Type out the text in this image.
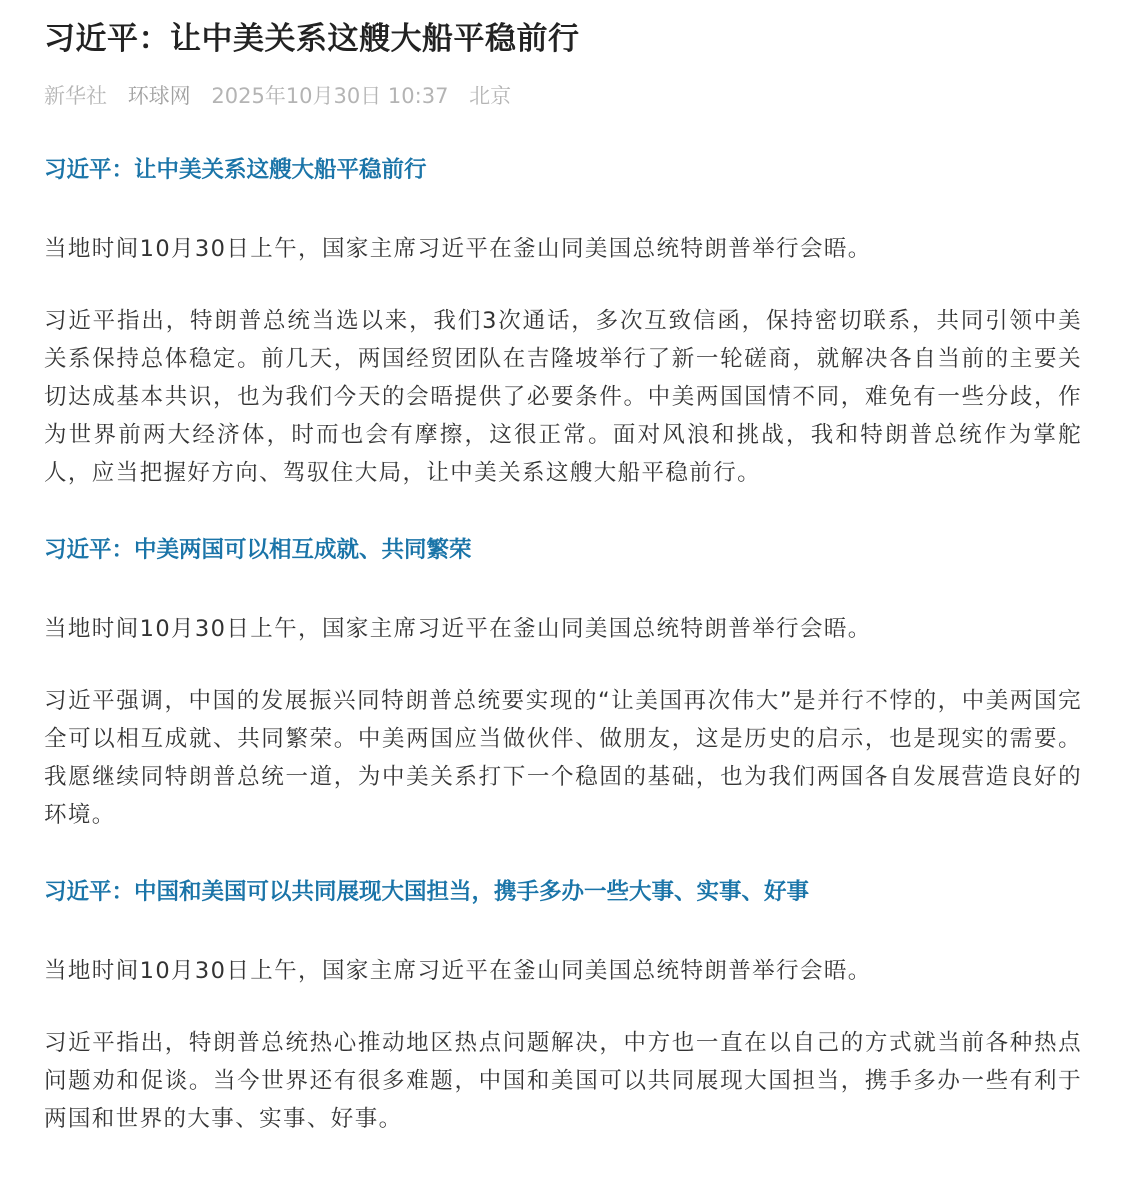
习近平：让中美关系这艘大船平稳前行
新华社 环球网 2025年10月30日 10:37 北京
习近平：让中美关系这艘大船平稳前行

当地时间10月30日上午，国家主席习近平在釜山同美国总统特朗普举行会晤。

习近平指出，特朗普总统当选以来，我们3次通话，多次互致信函，保持密切联系，共同引领中美关系保持总体稳定。前几天，两国经贸团队在吉隆坡举行了新一轮磋商，就解决各自当前的主要关切达成基本共识，也为我们今天的会晤提供了必要条件。中美两国国情不同，难免有一些分歧，作为世界前两大经济体，时而也会有摩擦，这很正常。面对风浪和挑战，我和特朗普总统作为掌舵人，应当把握好方向、驾驭住大局，让中美关系这艘大船平稳前行。

习近平：中美两国可以相互成就、共同繁荣

当地时间10月30日上午，国家主席习近平在釜山同美国总统特朗普举行会晤。

习近平强调，中国的发展振兴同特朗普总统要实现的“让美国再次伟大”是并行不悖的，中美两国完全可以相互成就、共同繁荣。中美两国应当做伙伴、做朋友，这是历史的启示，也是现实的需要。我愿继续同特朗普总统一道，为中美关系打下一个稳固的基础，也为我们两国各自发展营造良好的环境。

习近平：中国和美国可以共同展现大国担当，携手多办一些大事、实事、好事

当地时间10月30日上午，国家主席习近平在釜山同美国总统特朗普举行会晤。

习近平指出，特朗普总统热心推动地区热点问题解决，中方也一直在以自己的方式就当前各种热点问题劝和促谈。当今世界还有很多难题，中国和美国可以共同展现大国担当，携手多办一些有利于两国和世界的大事、实事、好事。
